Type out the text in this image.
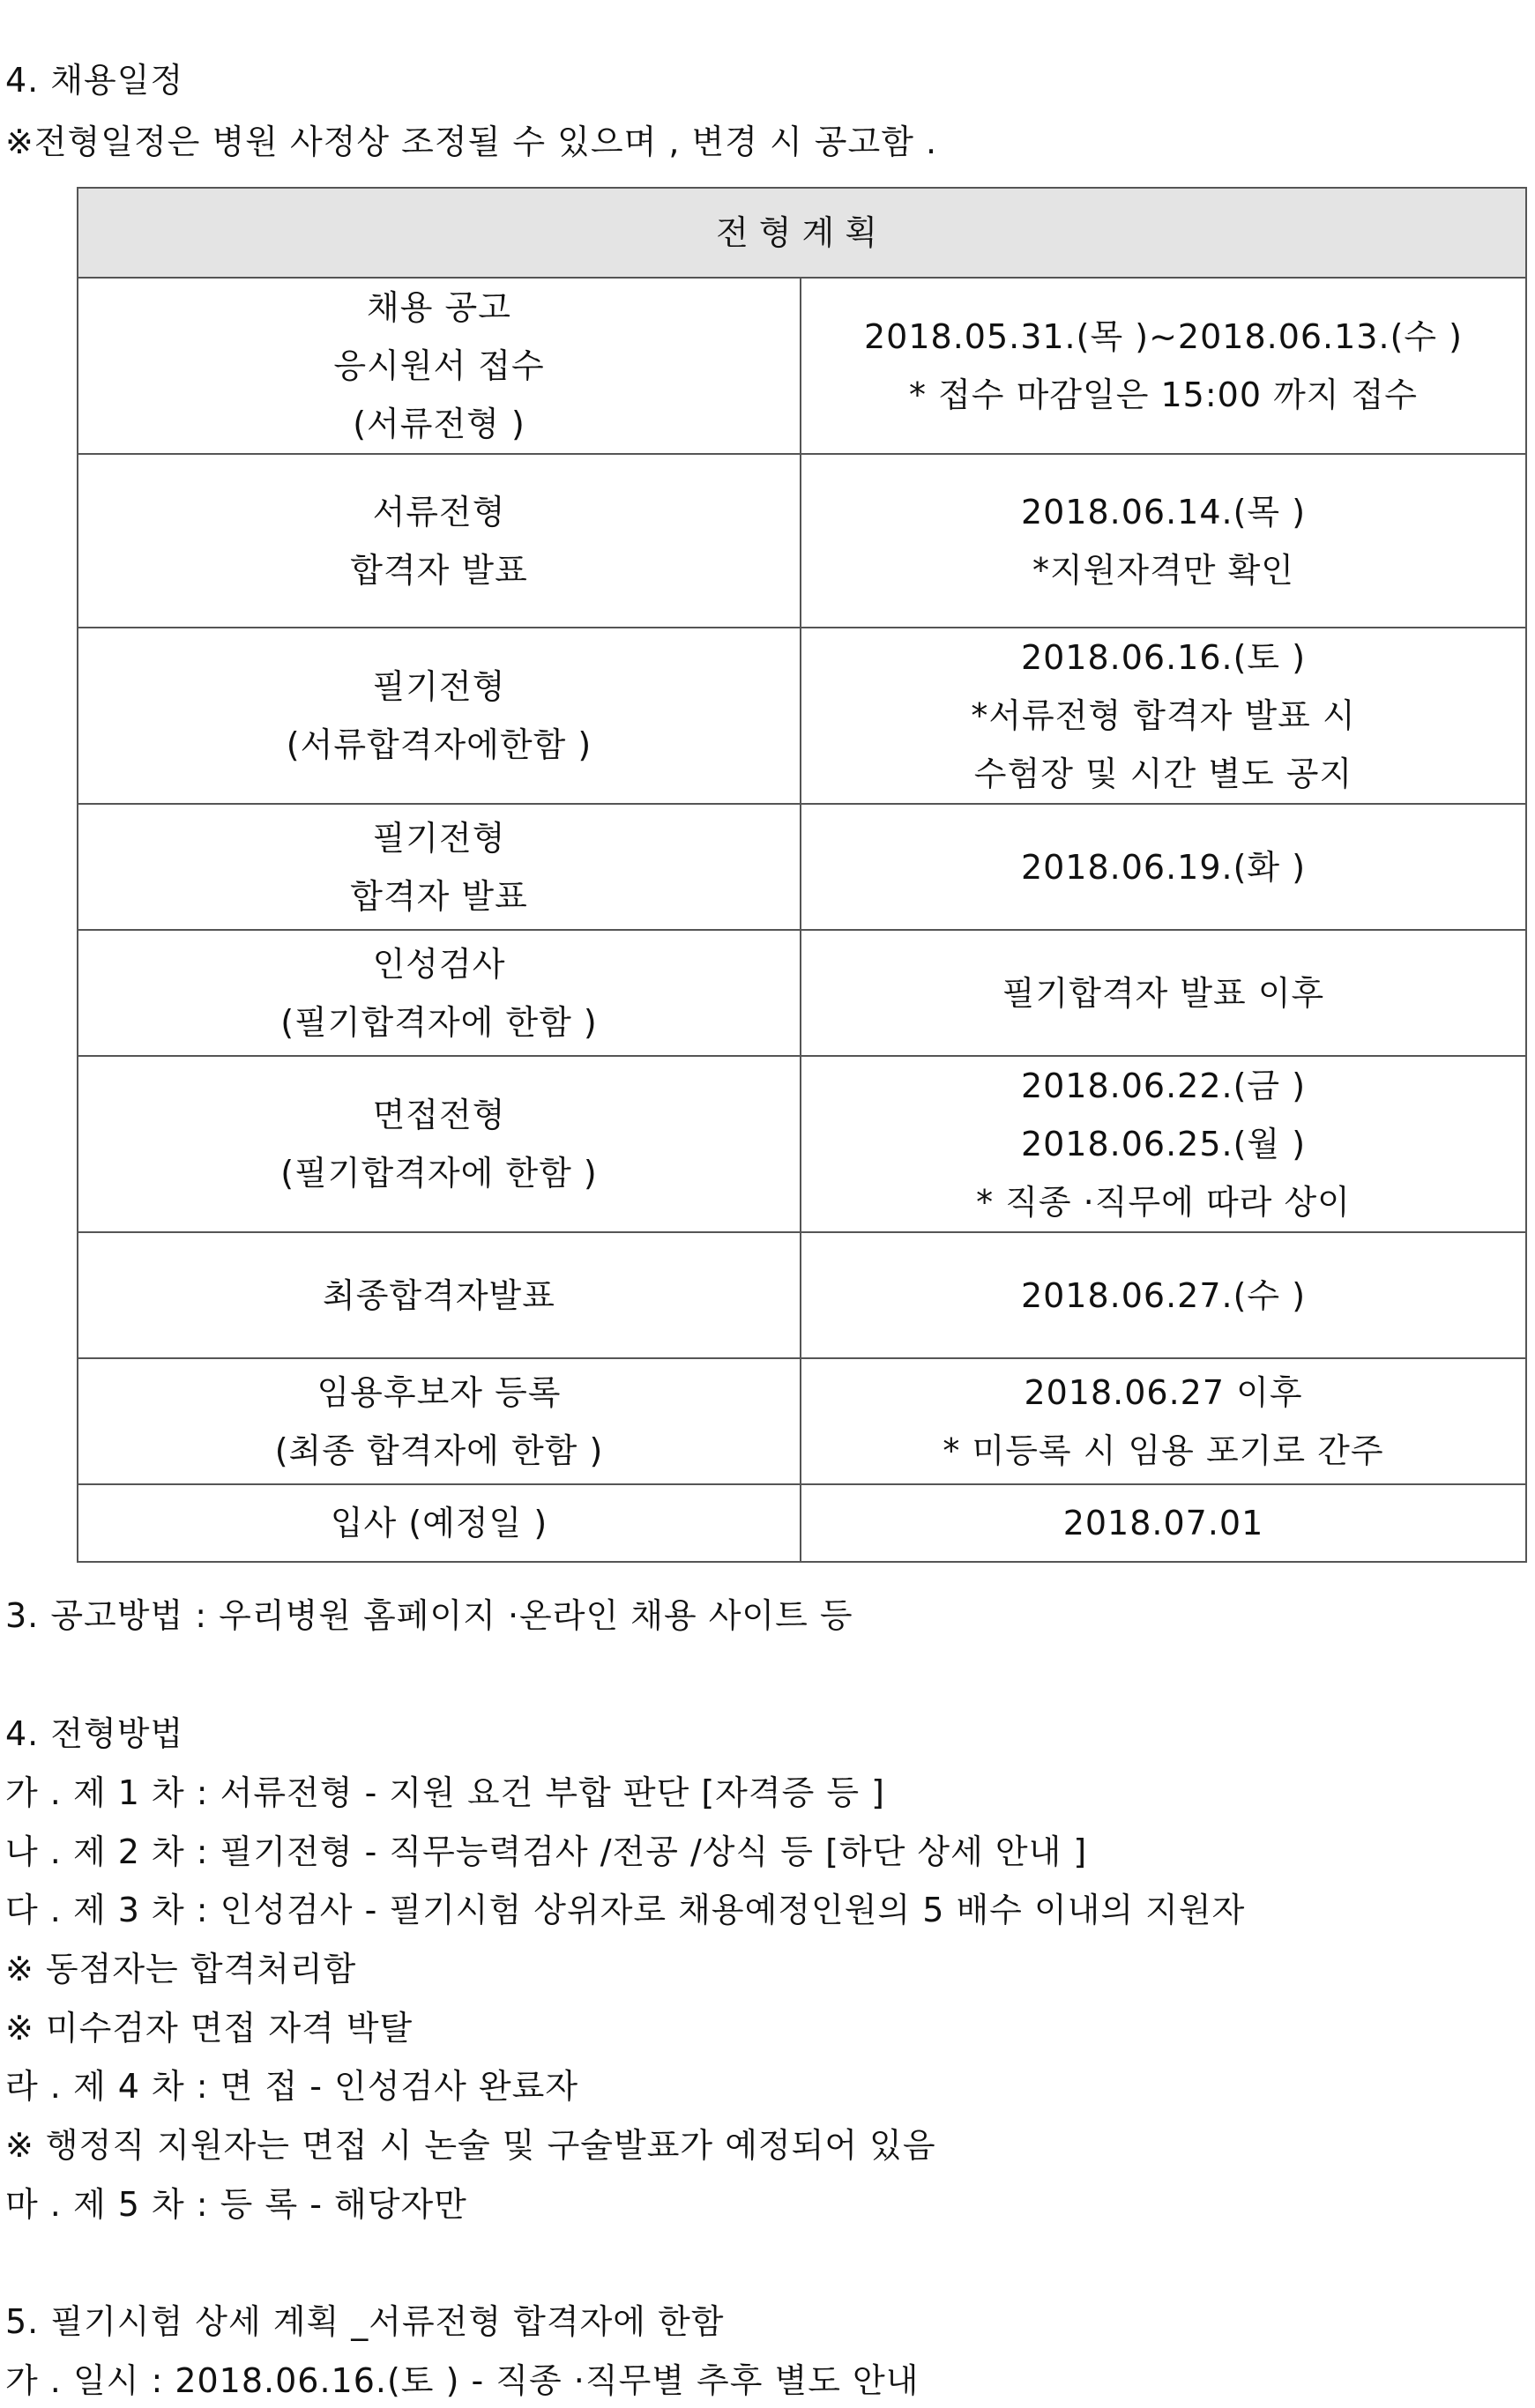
4. 채용일정
※전형일정은 병원 사정상 조정될 수 있으며 , 변경 시 공고함 .
전형계획	

채용 공고
응시원서 접수
(서류전형 )	2018.05.31.(목 )~2018.06.13.(수 )
* 접수 마감일은 15:00 까지 접수

서류전형
합격자 발표	2018.06.14.(목 )
*지원자격만 확인

필기전형
(서류합격자에한함 )	2018.06.16.(토 )
*서류전형 합격자 발표 시
수험장 및 시간 별도 공지

필기전형
합격자 발표	2018.06.19.(화 )

인성검사
(필기합격자에 한함 )	필기합격자 발표 이후

면접전형
(필기합격자에 한함 )	2018.06.22.(금 )
2018.06.25.(월 )
* 직종 ·직무에 따라 상이

최종합격자발표	2018.06.27.(수 )

임용후보자 등록
(최종 합격자에 한함 )	2018.06.27 이후
* 미등록 시 임용 포기로 간주

입사 (예정일 )	2018.07.01
3. 공고방법 : 우리병원 홈페이지 ·온라인 채용 사이트 등
4. 전형방법
가 . 제 1 차 : 서류전형 - 지원 요건 부합 판단 [자격증 등 ]
나 . 제 2 차 : 필기전형 - 직무능력검사 /전공 /상식 등 [하단 상세 안내 ]
다 . 제 3 차 : 인성검사 - 필기시험 상위자로 채용예정인원의 5 배수 이내의 지원자
※ 동점자는 합격처리함
※ 미수검자 면접 자격 박탈
라 . 제 4 차 : 면 접 - 인성검사 완료자
※ 행정직 지원자는 면접 시 논술 및 구술발표가 예정되어 있음
마 . 제 5 차 : 등 록 - 해당자만
5. 필기시험 상세 계획 _서류전형 합격자에 한함
가 . 일시 : 2018.06.16.(토 ) - 직종 ·직무별 추후 별도 안내
